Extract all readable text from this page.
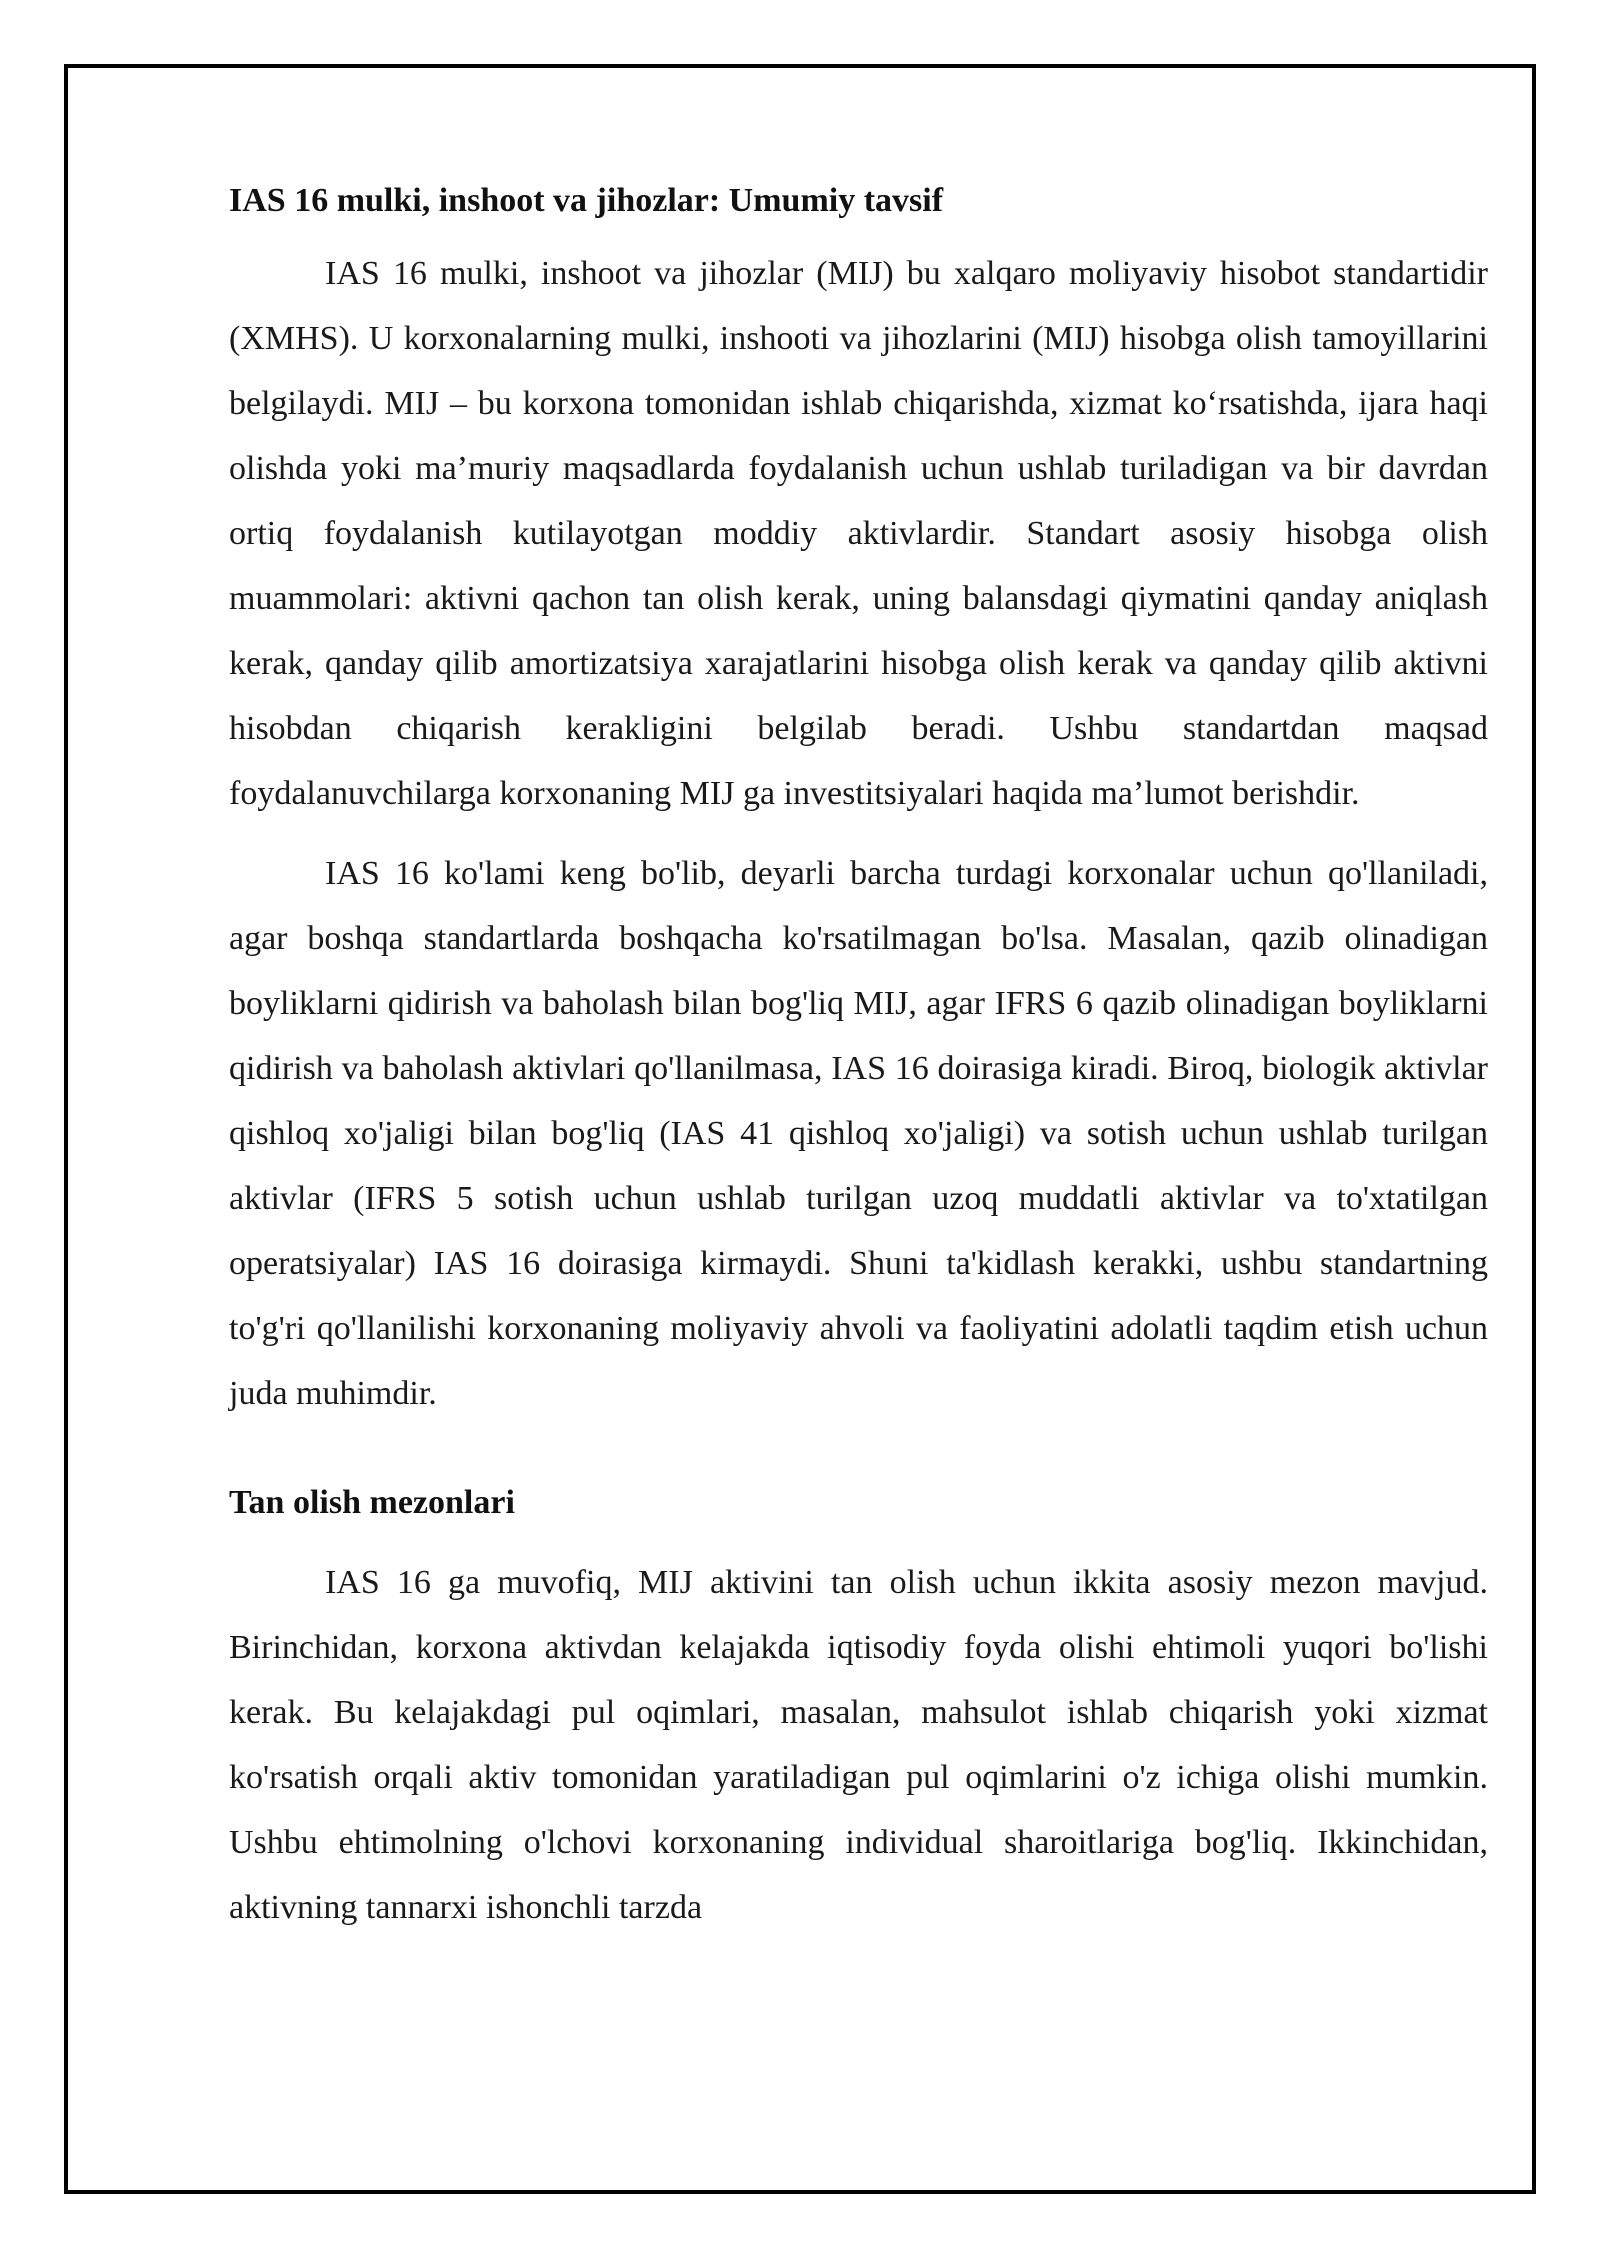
IAS 16 mulki, inshoot va jihozlar: Umumiy tavsif

IAS 16 mulki, inshoot va jihozlar (MIJ) bu xalqaro moliyaviy hisobot standartidir (XMHS). U korxonalarning mulki, inshooti va jihozlarini (MIJ) hisobga olish tamoyillarini belgilaydi. MIJ – bu korxona tomonidan ishlab chiqarishda, xizmat ko‘rsatishda, ijara haqi olishda yoki ma’muriy maqsadlarda foydalanish uchun ushlab turiladigan va bir davrdan ortiq foydalanish kutilayotgan moddiy aktivlardir. Standart asosiy hisobga olish muammolari: aktivni qachon tan olish kerak, uning balansdagi qiymatini qanday aniqlash kerak, qanday qilib amortizatsiya xarajatlarini hisobga olish kerak va qanday qilib aktivni hisobdan chiqarish kerakligini belgilab beradi. Ushbu standartdan maqsad foydalanuvchilarga korxonaning MIJ ga investitsiyalari haqida ma’lumot berishdir.

IAS 16 ko'lami keng bo'lib, deyarli barcha turdagi korxonalar uchun qo'llaniladi, agar boshqa standartlarda boshqacha ko'rsatilmagan bo'lsa. Masalan, qazib olinadigan boyliklarni qidirish va baholash bilan bog'liq MIJ, agar IFRS 6 qazib olinadigan boyliklarni qidirish va baholash aktivlari qo'llanilmasa, IAS 16 doirasiga kiradi. Biroq, biologik aktivlar qishloq xo'jaligi bilan bog'liq (IAS 41 qishloq xo'jaligi) va sotish uchun ushlab turilgan aktivlar (IFRS 5 sotish uchun ushlab turilgan uzoq muddatli aktivlar va to'xtatilgan operatsiyalar) IAS 16 doirasiga kirmaydi. Shuni ta'kidlash kerakki, ushbu standartning to'g'ri qo'llanilishi korxonaning moliyaviy ahvoli va faoliyatini adolatli taqdim etish uchun juda muhimdir.

Tan olish mezonlari

IAS 16 ga muvofiq, MIJ aktivini tan olish uchun ikkita asosiy mezon mavjud. Birinchidan, korxona aktivdan kelajakda iqtisodiy foyda olishi ehtimoli yuqori bo'lishi kerak. Bu kelajakdagi pul oqimlari, masalan, mahsulot ishlab chiqarish yoki xizmat ko'rsatish orqali aktiv tomonidan yaratiladigan pul oqimlarini o'z ichiga olishi mumkin. Ushbu ehtimolning o'lchovi korxonaning individual sharoitlariga bog'liq. Ikkinchidan, aktivning tannarxi ishonchli tarzda
